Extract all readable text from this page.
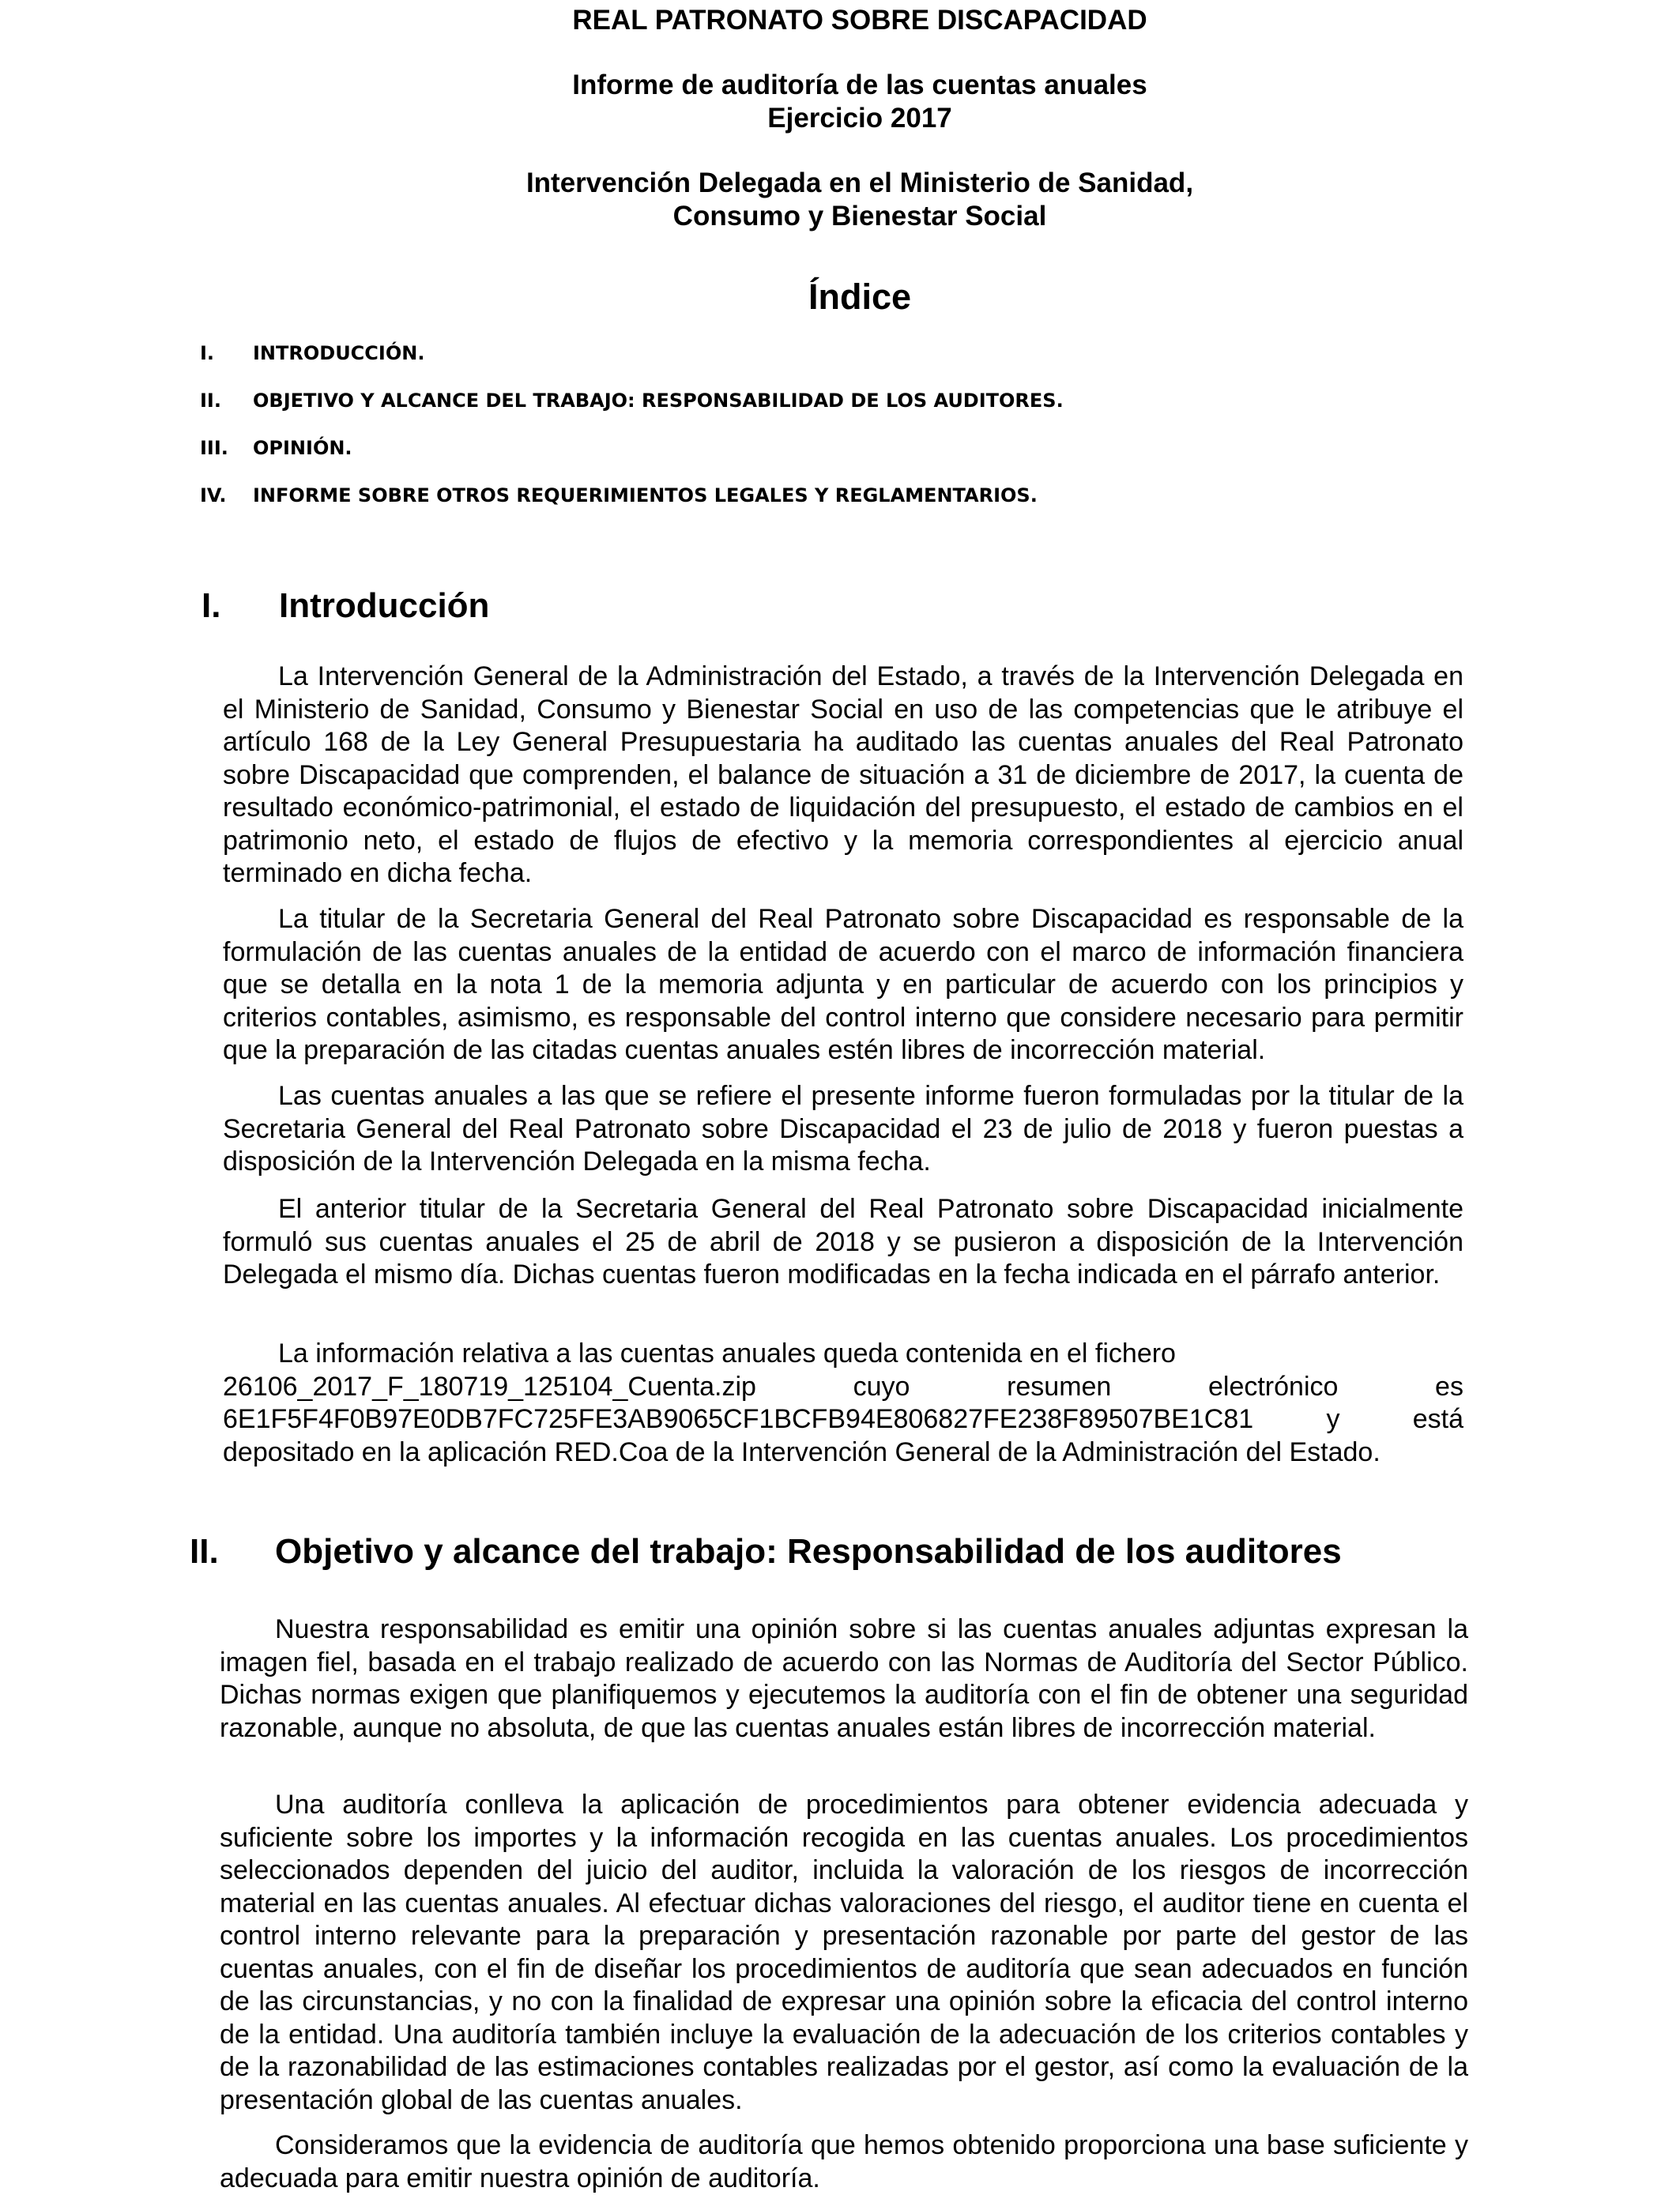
REAL PATRONATO SOBRE DISCAPACIDAD
Informe de auditoría de las cuentas anuales
Ejercicio 2017
Intervención Delegada en el Ministerio de Sanidad,
Consumo y Bienestar Social
Índice
I. INTRODUCCIÓN.
II. OBJETIVO Y ALCANCE DEL TRABAJO: RESPONSABILIDAD DE LOS AUDITORES.
III. OPINIÓN.
IV. INFORME SOBRE OTROS REQUERIMIENTOS LEGALES Y REGLAMENTARIOS.
I. Introducción

La Intervención General de la Administración del Estado, a través de la Intervención Delegada en el Ministerio de Sanidad, Consumo y Bienestar Social en uso de las competencias que le atribuye el artículo 168 de la Ley General Presupuestaria ha auditado las cuentas anuales del Real Patronato sobre Discapacidad que comprenden, el balance de situación a 31 de diciembre de 2017, la cuenta de resultado económico-patrimonial, el estado de liquidación del presupuesto, el estado de cambios en el patrimonio neto, el estado de flujos de efectivo y la memoria correspondientes al ejercicio anual terminado en dicha fecha.

La titular de la Secretaria General del Real Patronato sobre Discapacidad es responsable de la formulación de las cuentas anuales de la entidad de acuerdo con el marco de información financiera que se detalla en la nota 1 de la memoria adjunta y en particular de acuerdo con los principios y criterios contables, asimismo, es responsable del control interno que considere necesario para permitir que la preparación de las citadas cuentas anuales estén libres de incorrección material.

Las cuentas anuales a las que se refiere el presente informe fueron formuladas por la titular de la Secretaria General del Real Patronato sobre Discapacidad el 23 de julio de 2018 y fueron puestas a disposición de la Intervención Delegada en la misma fecha.

El anterior titular de la Secretaria General del Real Patronato sobre Discapacidad inicialmente formuló sus cuentas anuales el 25 de abril de 2018 y se pusieron a disposición de la Intervención Delegada el mismo día. Dichas cuentas fueron modificadas en la fecha indicada en el párrafo anterior.

La información relativa a las cuentas anuales queda contenida en el fichero
26106_2017_F_180719_125104_Cuenta.zip	cuyo	resumen	electrónico	es
6E1F5F4F0B97E0DB7FC725FE3AB9065CF1BCFB94E806827FE238F89507BE1C81	y	está
depositado en la aplicación RED.Coa de la Intervención General de la Administración del Estado.
II. Objetivo y alcance del trabajo: Responsabilidad de los auditores

Nuestra responsabilidad es emitir una opinión sobre si las cuentas anuales adjuntas expresan la imagen fiel, basada en el trabajo realizado de acuerdo con las Normas de Auditoría del Sector Público. Dichas normas exigen que planifiquemos y ejecutemos la auditoría con el fin de obtener una seguridad razonable, aunque no absoluta, de que las cuentas anuales están libres de incorrección material.

Una auditoría conlleva la aplicación de procedimientos para obtener evidencia adecuada y suficiente sobre los importes y la información recogida en las cuentas anuales. Los procedimientos seleccionados dependen del juicio del auditor, incluida la valoración de los riesgos de incorrección material en las cuentas anuales. Al efectuar dichas valoraciones del riesgo, el auditor tiene en cuenta el control interno relevante para la preparación y presentación razonable por parte del gestor de las cuentas anuales, con el fin de diseñar los procedimientos de auditoría que sean adecuados en función de las circunstancias, y no con la finalidad de expresar una opinión sobre la eficacia del control interno de la entidad. Una auditoría también incluye la evaluación de la adecuación de los criterios contables y de la razonabilidad de las estimaciones contables realizadas por el gestor, así como la evaluación de la presentación global de las cuentas anuales.

Consideramos que la evidencia de auditoría que hemos obtenido proporciona una base suficiente y adecuada para emitir nuestra opinión de auditoría.
